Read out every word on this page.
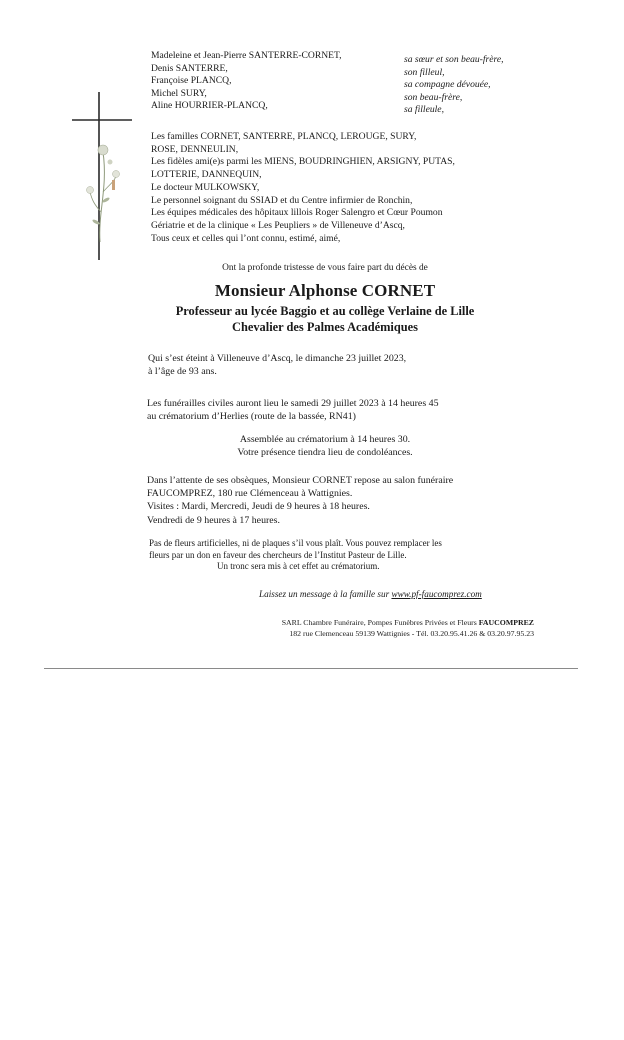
Madeleine et Jean-Pierre SANTERRE-CORNET,
Denis SANTERRE,
Françoise PLANCQ,
Michel SURY,
Aline HOURRIER-PLANCQ,
sa sœur et son beau-frère,
son filleul,
sa compagne dévouée,
son beau-frère,
sa filleule,
Les familles CORNET, SANTERRE, PLANCQ, LEROUGE, SURY,
ROSE, DENNEULIN,
Les fidèles ami(e)s parmi les MIENS, BOUDRINGHIEN, ARSIGNY, PUTAS,
LOTTERIE, DANNEQUIN,
Le docteur MULKOWSKY,
Le personnel soignant du SSIAD et du Centre infirmier de Ronchin,
Les équipes médicales des hôpitaux lillois Roger Salengro et Cœur Poumon
Gériatrie et de la clinique « Les Peupliers » de Villeneuve d’Ascq,
Tous ceux et celles qui l’ont connu, estimé, aimé,
Ont la profonde tristesse de vous faire part du décès de
Monsieur Alphonse CORNET
Professeur au lycée Baggio et au collège Verlaine de Lille
Chevalier des Palmes Académiques
Qui s’est éteint à Villeneuve d’Ascq, le dimanche 23 juillet 2023,
à l’âge de 93 ans.
Les funérailles civiles auront lieu le samedi 29 juillet 2023 à 14 heures 45
au crématorium d’Herlies (route de la bassée, RN41)
Assemblée au crématorium à 14 heures 30.
Votre présence tiendra lieu de condoléances.
Dans l’attente de ses obsèques, Monsieur CORNET repose au salon funéraire
FAUCOMPREZ, 180 rue Clémenceau à Wattignies.
Visites : Mardi, Mercredi, Jeudi de 9 heures à 18 heures.
Vendredi de 9 heures à 17 heures.
Pas de fleurs artificielles, ni de plaques s’il vous plaît. Vous pouvez remplacer les
fleurs par un don en faveur des chercheurs de l’Institut Pasteur de Lille.
Un tronc sera mis à cet effet au crématorium.
Laissez un message à la famille sur www.pf-faucomprez.com
SARL Chambre Funéraire, Pompes Funèbres Privées et Fleurs FAUCOMPREZ
182 rue Clemenceau 59139 Wattignies - Tél. 03.20.95.41.26 & 03.20.97.95.23
